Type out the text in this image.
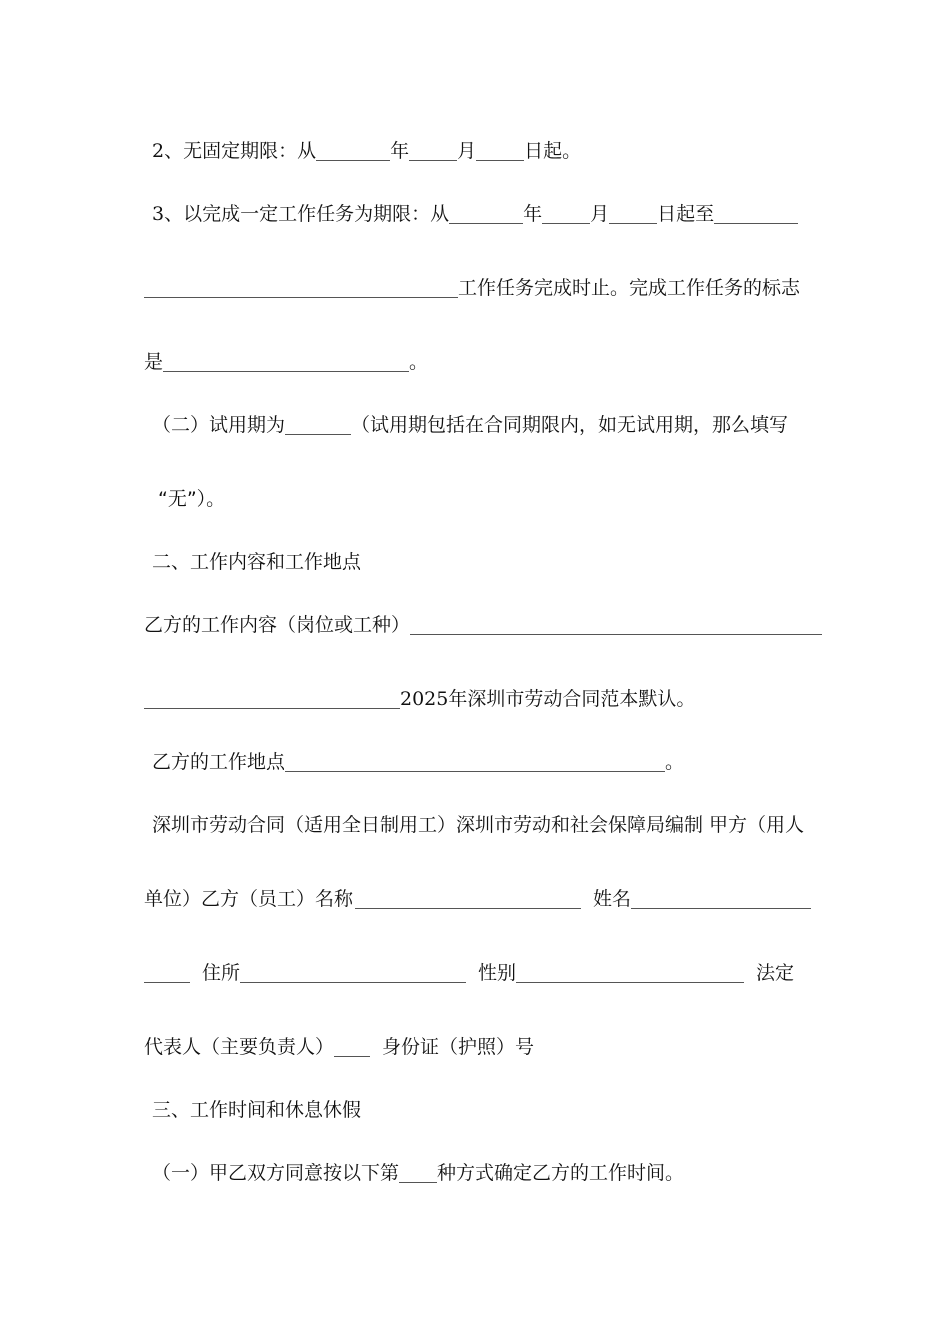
2、无固定期限：从	年	月	日起。
3、以完成一定工作任务为期限：从	年	月	日起至
工作任务完成时止。完成工作任务的标志
是	。
（二）试用期为	（试用期包括在合同期限内，如无试用期，那么填写
“无”）。
二、工作内容和工作地点
乙方的工作内容（岗位或工种）
2025年深圳市劳动合同范本默认。
乙方的工作地点	。
深圳市劳动合同（适用全日制用工）深圳市劳动和社会保障局编制 甲方（用人
单位）乙方（员工）名称	姓名
住所	性别	法定
代表人（主要负责人）	身份证（护照）号
三、工作时间和休息休假
（一）甲乙双方同意按以下第 种方式确定乙方的工作时间。
